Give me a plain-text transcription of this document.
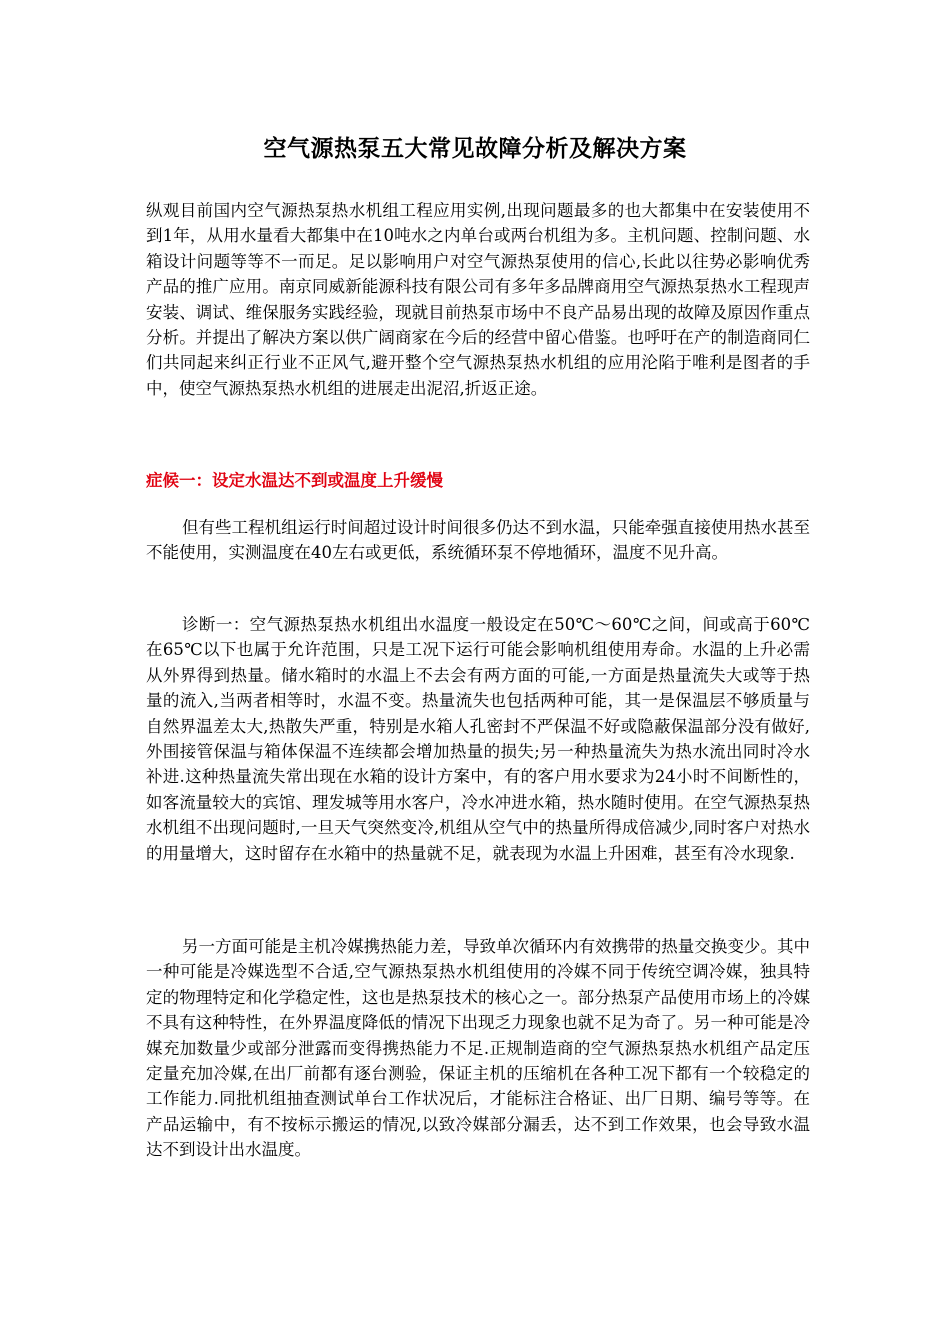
空气源热泵五大常见故障分析及解决方案

纵观目前国内空气源热泵热水机组工程应用实例,出现问题最多的也大都集中在安装使用不到1年，从用水量看大都集中在10吨水之内单台或两台机组为多。主机问题、控制问题、水箱设计问题等等不一而足。足以影响用户对空气源热泵使用的信心,长此以往势必影响优秀产品的推广应用。南京同威新能源科技有限公司有多年多品牌商用空气源热泵热水工程现声安装、调试、维保服务实践经验，现就目前热泵市场中不良产品易出现的故障及原因作重点分析。并提出了解决方案以供广阔商家在今后的经营中留心借鉴。也呼吁在产的制造商同仁们共同起来纠正行业不正风气,避开整个空气源热泵热水机组的应用沦陷于唯利是图者的手中，使空气源热泵热水机组的进展走出泥沼,折返正途。

症候一：设定水温达不到或温度上升缓慢

但有些工程机组运行时间超过设计时间很多仍达不到水温，只能牵强直接使用热水甚至不能使用，实测温度在40左右或更低，系统循环泵不停地循环，温度不见升高。

诊断一：空气源热泵热水机组出水温度一般设定在50℃～60℃之间，间或高于60℃在65℃以下也属于允许范围，只是工况下运行可能会影响机组使用寿命。水温的上升必需从外界得到热量。储水箱时的水温上不去会有两方面的可能,一方面是热量流失大或等于热量的流入,当两者相等时，水温不变。热量流失也包括两种可能，其一是保温层不够质量与自然界温差太大,热散失严重，特别是水箱人孔密封不严保温不好或隐蔽保温部分没有做好,外围接管保温与箱体保温不连续都会增加热量的损失;另一种热量流失为热水流出同时冷水补进.这种热量流失常出现在水箱的设计方案中，有的客户用水要求为24小时不间断性的， 如客流量较大的宾馆、理发城等用水客户，冷水冲进水箱，热水随时使用。在空气源热泵热水机组不出现问题时,一旦天气突然变冷,机组从空气中的热量所得成倍减少,同时客户对热水的用量增大，这时留存在水箱中的热量就不足，就表现为水温上升困难，甚至有冷水现象.

另一方面可能是主机冷媒携热能力差，导致单次循环内有效携带的热量交换变少。其中一种可能是冷媒选型不合适,空气源热泵热水机组使用的冷媒不同于传统空调冷媒，独具特定的物理特定和化学稳定性，这也是热泵技术的核心之一。部分热泵产品使用市场上的冷媒不具有这种特性，在外界温度降低的情况下出现乏力现象也就不足为奇了。另一种可能是冷媒充加数量少或部分泄露而变得携热能力不足.正规制造商的空气源热泵热水机组产品定压定量充加冷媒,在出厂前都有逐台测验，保证主机的压缩机在各种工况下都有一个较稳定的工作能力.同批机组抽查测试单台工作状况后，才能标注合格证、出厂日期、编号等等。在产品运输中，有不按标示搬运的情况,以致冷媒部分漏丢，达不到工作效果，也会导致水温达不到设计出水温度。
